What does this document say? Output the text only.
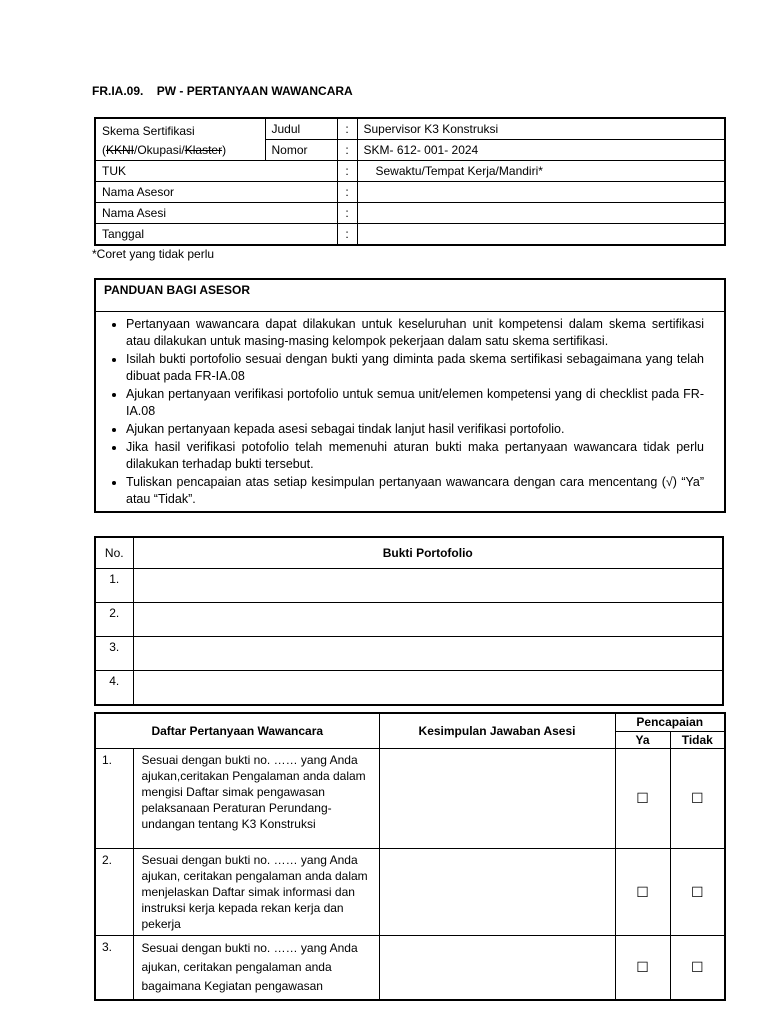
FR.IA.09. PW - PERTANYAAN WAWANCARA
Skema Sertifikasi
(KKNI/Okupasi/Klaster)	Judul	:	Supervisor K3 Konstruksi
	Nomor	:	SKM- 612- 001- 2024
TUK		:	Sewaktu/Tempat Kerja/Mandiri*
Nama Asesor		:	
Nama Asesi		:	
Tanggal		:	
*Coret yang tidak perlu
PANDUAN BAGI ASESOR
• Pertanyaan wawancara dapat dilakukan untuk keseluruhan unit kompetensi dalam skema sertifikasi atau dilakukan untuk masing-masing kelompok pekerjaan dalam satu skema sertifikasi.
• Isilah bukti portofolio sesuai dengan bukti yang diminta pada skema sertifikasi sebagaimana yang telah dibuat pada FR-IA.08
• Ajukan pertanyaan verifikasi portofolio untuk semua unit/elemen kompetensi yang di checklist pada FR-IA.08
• Ajukan pertanyaan kepada asesi sebagai tindak lanjut hasil verifikasi portofolio.
• Jika hasil verifikasi potofolio telah memenuhi aturan bukti maka pertanyaan wawancara tidak perlu dilakukan terhadap bukti tersebut.
• Tuliskan pencapaian atas setiap kesimpulan pertanyaan wawancara dengan cara mencentang (√) “Ya” atau “Tidak”.
No.	Bukti Portofolio
1.	
2.	
3.	
4.	
Daftar Pertanyaan Wawancara		Kesimpulan Jawaban Asesi	Pencapaian	
			Ya	Tidak
1.	Sesuai dengan bukti no. …… yang Anda ajukan,ceritakan Pengalaman anda dalam mengisi Daftar simak pengawasan pelaksanaan Peraturan Perundang-undangan tentang K3 Konstruksi		☐	☐
2.	Sesuai dengan bukti no. …… yang Anda ajukan, ceritakan pengalaman anda dalam menjelaskan Daftar simak informasi dan instruksi kerja kepada rekan kerja dan pekerja		☐	☐
3.	Sesuai dengan bukti no. …… yang Anda ajukan, ceritakan pengalaman anda bagaimana Kegiatan pengawasan		☐	☐
